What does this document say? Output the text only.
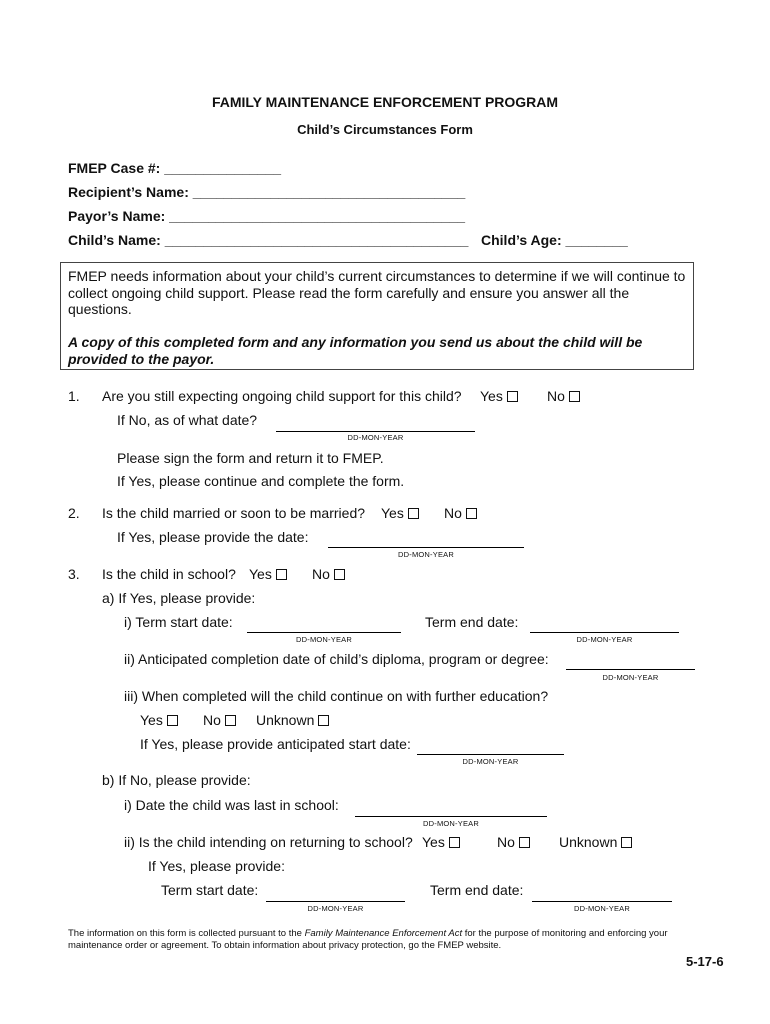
FAMILY MAINTENANCE ENFORCEMENT PROGRAM
Child’s Circumstances Form
FMEP Case #: _______________
Recipient’s Name: ___________________________________
Payor’s Name: ______________________________________
Child’s Name: _______________________________________ Child’s Age: ________
FMEP needs information about your child’s current circumstances to determine if we will continue to collect ongoing child support. Please read the form carefully and ensure you answer all the questions.
A copy of this completed form and any information you send us about the child will be provided to the payor.
1. Are you still expecting ongoing child support for this child? Yes	No
If No, as of what date?
DD-MON-YEAR
Please sign the form and return it to FMEP.
If Yes, please continue and complete the form.
2. Is the child married or soon to be married? Yes	No
If Yes, please provide the date:
DD-MON-YEAR
3. Is the child in school? Yes	No
a) If Yes, please provide:
i) Term start date:
DD-MON-YEAR
Term end date:
DD-MON-YEAR
ii) Anticipated completion date of child’s diploma, program or degree:
DD-MON-YEAR
iii) When completed will the child continue on with further education?
Yes	No	Unknown
If Yes, please provide anticipated start date:
DD-MON-YEAR
b) If No, please provide:
i) Date the child was last in school:
DD-MON-YEAR
ii) Is the child intending on returning to school? Yes	No	Unknown
If Yes, please provide:
Term start date:
DD-MON-YEAR
Term end date:
DD-MON-YEAR
The information on this form is collected pursuant to the Family Maintenance Enforcement Act for the purpose of monitoring and enforcing your maintenance order or agreement. To obtain information about privacy protection, go the FMEP website.
5-17-6
